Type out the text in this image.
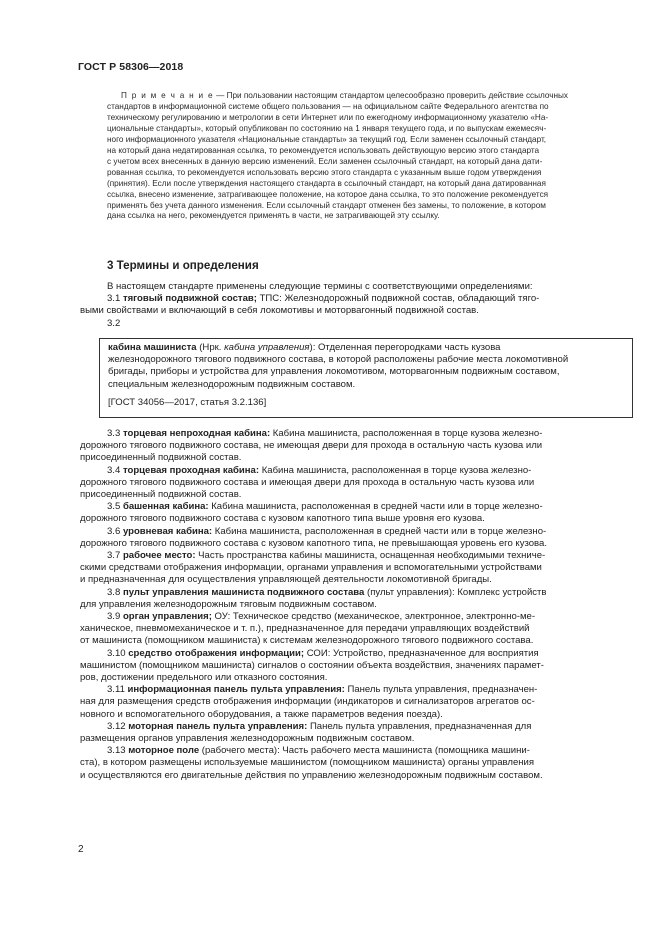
ГОСТ Р 58306—2018
П р и м е ч а н и е — При пользовании настоящим стандартом целесообразно проверить действие ссылочных
стандартов в информационной системе общего пользования — на официальном сайте Федерального агентства по
техническому регулированию и метрологии в сети Интернет или по ежегодному информационному указателю «На-
циональные стандарты», который опубликован по состоянию на 1 января текущего года, и по выпускам ежемесяч-
ного информационного указателя «Национальные стандарты» за текущий год. Если заменен ссылочный стандарт,
на который дана недатированная ссылка, то рекомендуется использовать действующую версию этого стандарта
с учетом всех внесенных в данную версию изменений. Если заменен ссылочный стандарт, на который дана дати-
рованная ссылка, то рекомендуется использовать версию этого стандарта с указанным выше годом утверждения
(принятия). Если после утверждения настоящего стандарта в ссылочный стандарт, на который дана датированная
ссылка, внесено изменение, затрагивающее положение, на которое дана ссылка, то это положение рекомендуется
применять без учета данного изменения. Если ссылочный стандарт отменен без замены, то положение, в котором
дана ссылка на него, рекомендуется применять в части, не затрагивающей эту ссылку.
3 Термины и определения
В настоящем стандарте применены следующие термины с соответствующими определениями:
3.1 тяговый подвижной состав; ТПС: Железнодорожный подвижной состав, обладающий тяго-
выми свойствами и включающий в себя локомотивы и моторвагонный подвижной состав.
3.2
кабина машиниста (Нрк. кабина управления): Отделенная перегородками часть кузова
железнодорожного тягового подвижного состава, в которой расположены рабочие места локомотивной
бригады, приборы и устройства для управления локомотивом, моторвагонным подвижным составом,
специальным железнодорожным подвижным составом.
[ГОСТ 34056—2017, статья 3.2.136]
3.3 торцевая непроходная кабина: Кабина машиниста, расположенная в торце кузова железно-
дорожного тягового подвижного состава, не имеющая двери для прохода в остальную часть кузова или
присоединенный подвижной состав.
3.4 торцевая проходная кабина: Кабина машиниста, расположенная в торце кузова железно-
дорожного тягового подвижного состава и имеющая двери для прохода в остальную часть кузова или
присоединенный подвижной состав.
3.5 башенная кабина: Кабина машиниста, расположенная в средней части или в торце железно-
дорожного тягового подвижного состава с кузовом капотного типа выше уровня его кузова.
3.6 уровневая кабина: Кабина машиниста, расположенная в средней части или в торце железно-
дорожного тягового подвижного состава с кузовом капотного типа, не превышающая уровень его кузова.
3.7 рабочее место: Часть пространства кабины машиниста, оснащенная необходимыми техниче-
скими средствами отображения информации, органами управления и вспомогательными устройствами
и предназначенная для осуществления управляющей деятельности локомотивной бригады.
3.8 пульт управления машиниста подвижного состава (пульт управления): Комплекс устройств
для управления железнодорожным тяговым подвижным составом.
3.9 орган управления; ОУ: Техническое средство (механическое, электронное, электронно-ме-
ханическое, пневмомеханическое и т. п.), предназначенное для передачи управляющих воздействий
от машиниста (помощником машиниста) к системам железнодорожного тягового подвижного состава.
3.10 средство отображения информации; СОИ: Устройство, предназначенное для восприятия
машинистом (помощником машиниста) сигналов о состоянии объекта воздействия, значениях парамет-
ров, достижении предельного или отказного состояния.
3.11 информационная панель пульта управления: Панель пульта управления, предназначен-
ная для размещения средств отображения информации (индикаторов и сигнализаторов агрегатов ос-
новного и вспомогательного оборудования, а также параметров ведения поезда).
3.12 моторная панель пульта управления: Панель пульта управления, предназначенная для
размещения органов управления железнодорожным подвижным составом.
3.13 моторное поле (рабочего места): Часть рабочего места машиниста (помощника машини-
ста), в котором размещены используемые машинистом (помощником машиниста) органы управления
и осуществляются его двигательные действия по управлению железнодорожным подвижным составом.
2
